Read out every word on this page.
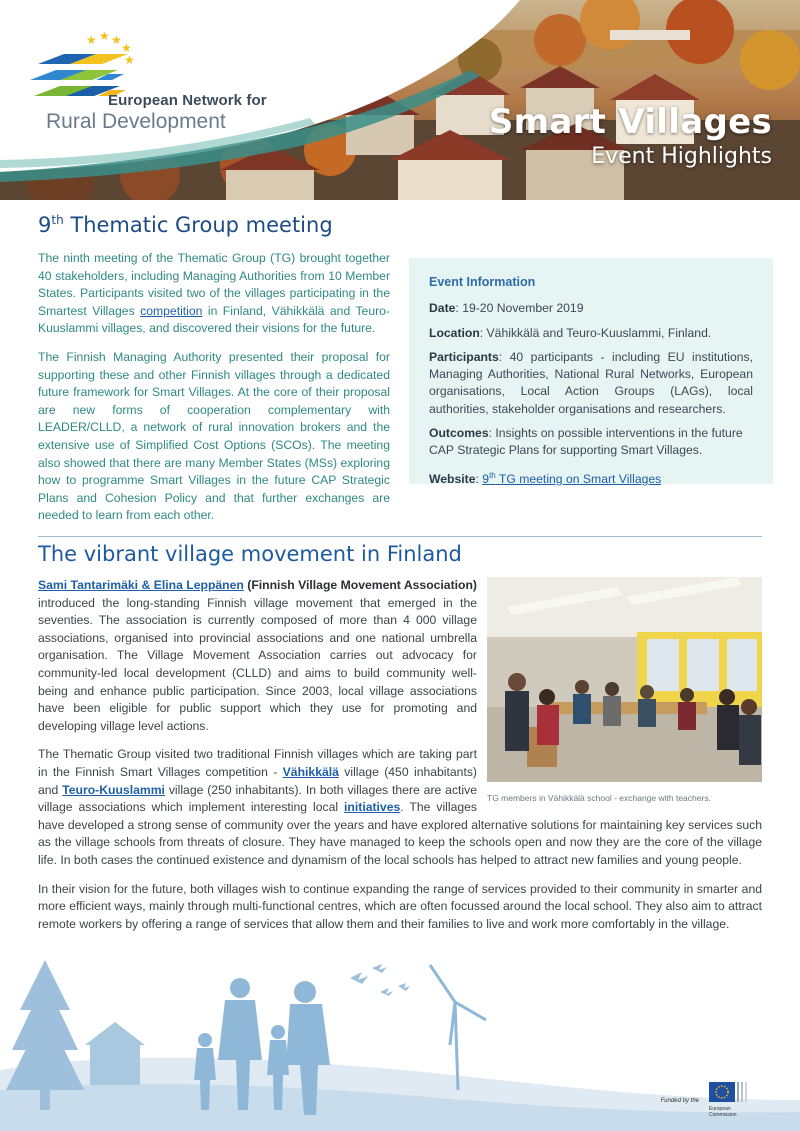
★ ★ ★
★
★
European Network for
Rural Development	Smart Villages
Event Highlights
9th Thematic Group meeting

The ninth meeting of the Thematic Group (TG) brought together 40 stakeholders, including Managing Authorities from 10 Member States. Participants visited two of the villages participating in the Smartest Villages competition in Finland, Vähikkälä and Teuro-Kuuslammi villages, and discovered their visions for the future.

The Finnish Managing Authority presented their proposal for supporting these and other Finnish villages through a dedicated future framework for Smart Villages. At the core of their proposal are new forms of cooperation complementary with LEADER/CLLD, a network of rural innovation brokers and the extensive use of Simplified Cost Options (SCOs). The meeting also showed that there are many Member States (MSs) exploring how to programme Smart Villages in the future CAP Strategic Plans and Cohesion Policy and that further exchanges are needed to learn from each other.

Event Information
Date: 19-20 November 2019
Location: Vähikkälä and Teuro-Kuuslammi, Finland.
Participants: 40 participants - including EU institutions, Managing Authorities, National Rural Networks, European organisations, Local Action Groups (LAGs), local authorities, stakeholder organisations and researchers.
Outcomes: Insights on possible interventions in the future CAP Strategic Plans for supporting Smart Villages.
Website: 9th TG meeting on Smart Villages
The vibrant village movement in Finland
TG members in Vähikkälä school - exchange with teachers.

Sami Tantarimäki & Elina Leppänen (Finnish Village Movement Association) introduced the long-standing Finnish village movement that emerged in the seventies. The association is currently composed of more than 4 000 village associations, organised into provincial associations and one national umbrella organisation. The Village Movement Association carries out advocacy for community-led local development (CLLD) and aims to build community well-being and enhance public participation. Since 2003, local village associations have been eligible for public support which they use for promoting and developing village level actions.

The Thematic Group visited two traditional Finnish villages which are taking part in the Finnish Smart Villages competition - Vähikkälä village (450 inhabitants) and Teuro-Kuuslammi village (250 inhabitants). In both villages there are active village associations which implement interesting local initiatives. The villages have developed a strong sense of community over the years and have explored alternative solutions for maintaining key services such as the village schools from threats of closure. They have managed to keep the schools open and now they are the core of the village life. In both cases the continued existence and dynamism of the local schools has helped to attract new families and young people.

In their vision for the future, both villages wish to continue expanding the range of services provided to their community in smarter and more efficient ways, mainly through multi-functional centres, which are often focussed around the local school. They also aim to attract remote workers by offering a range of services that allow them and their families to live and work more comfortably in the village.

Funded by the
European
Commission
